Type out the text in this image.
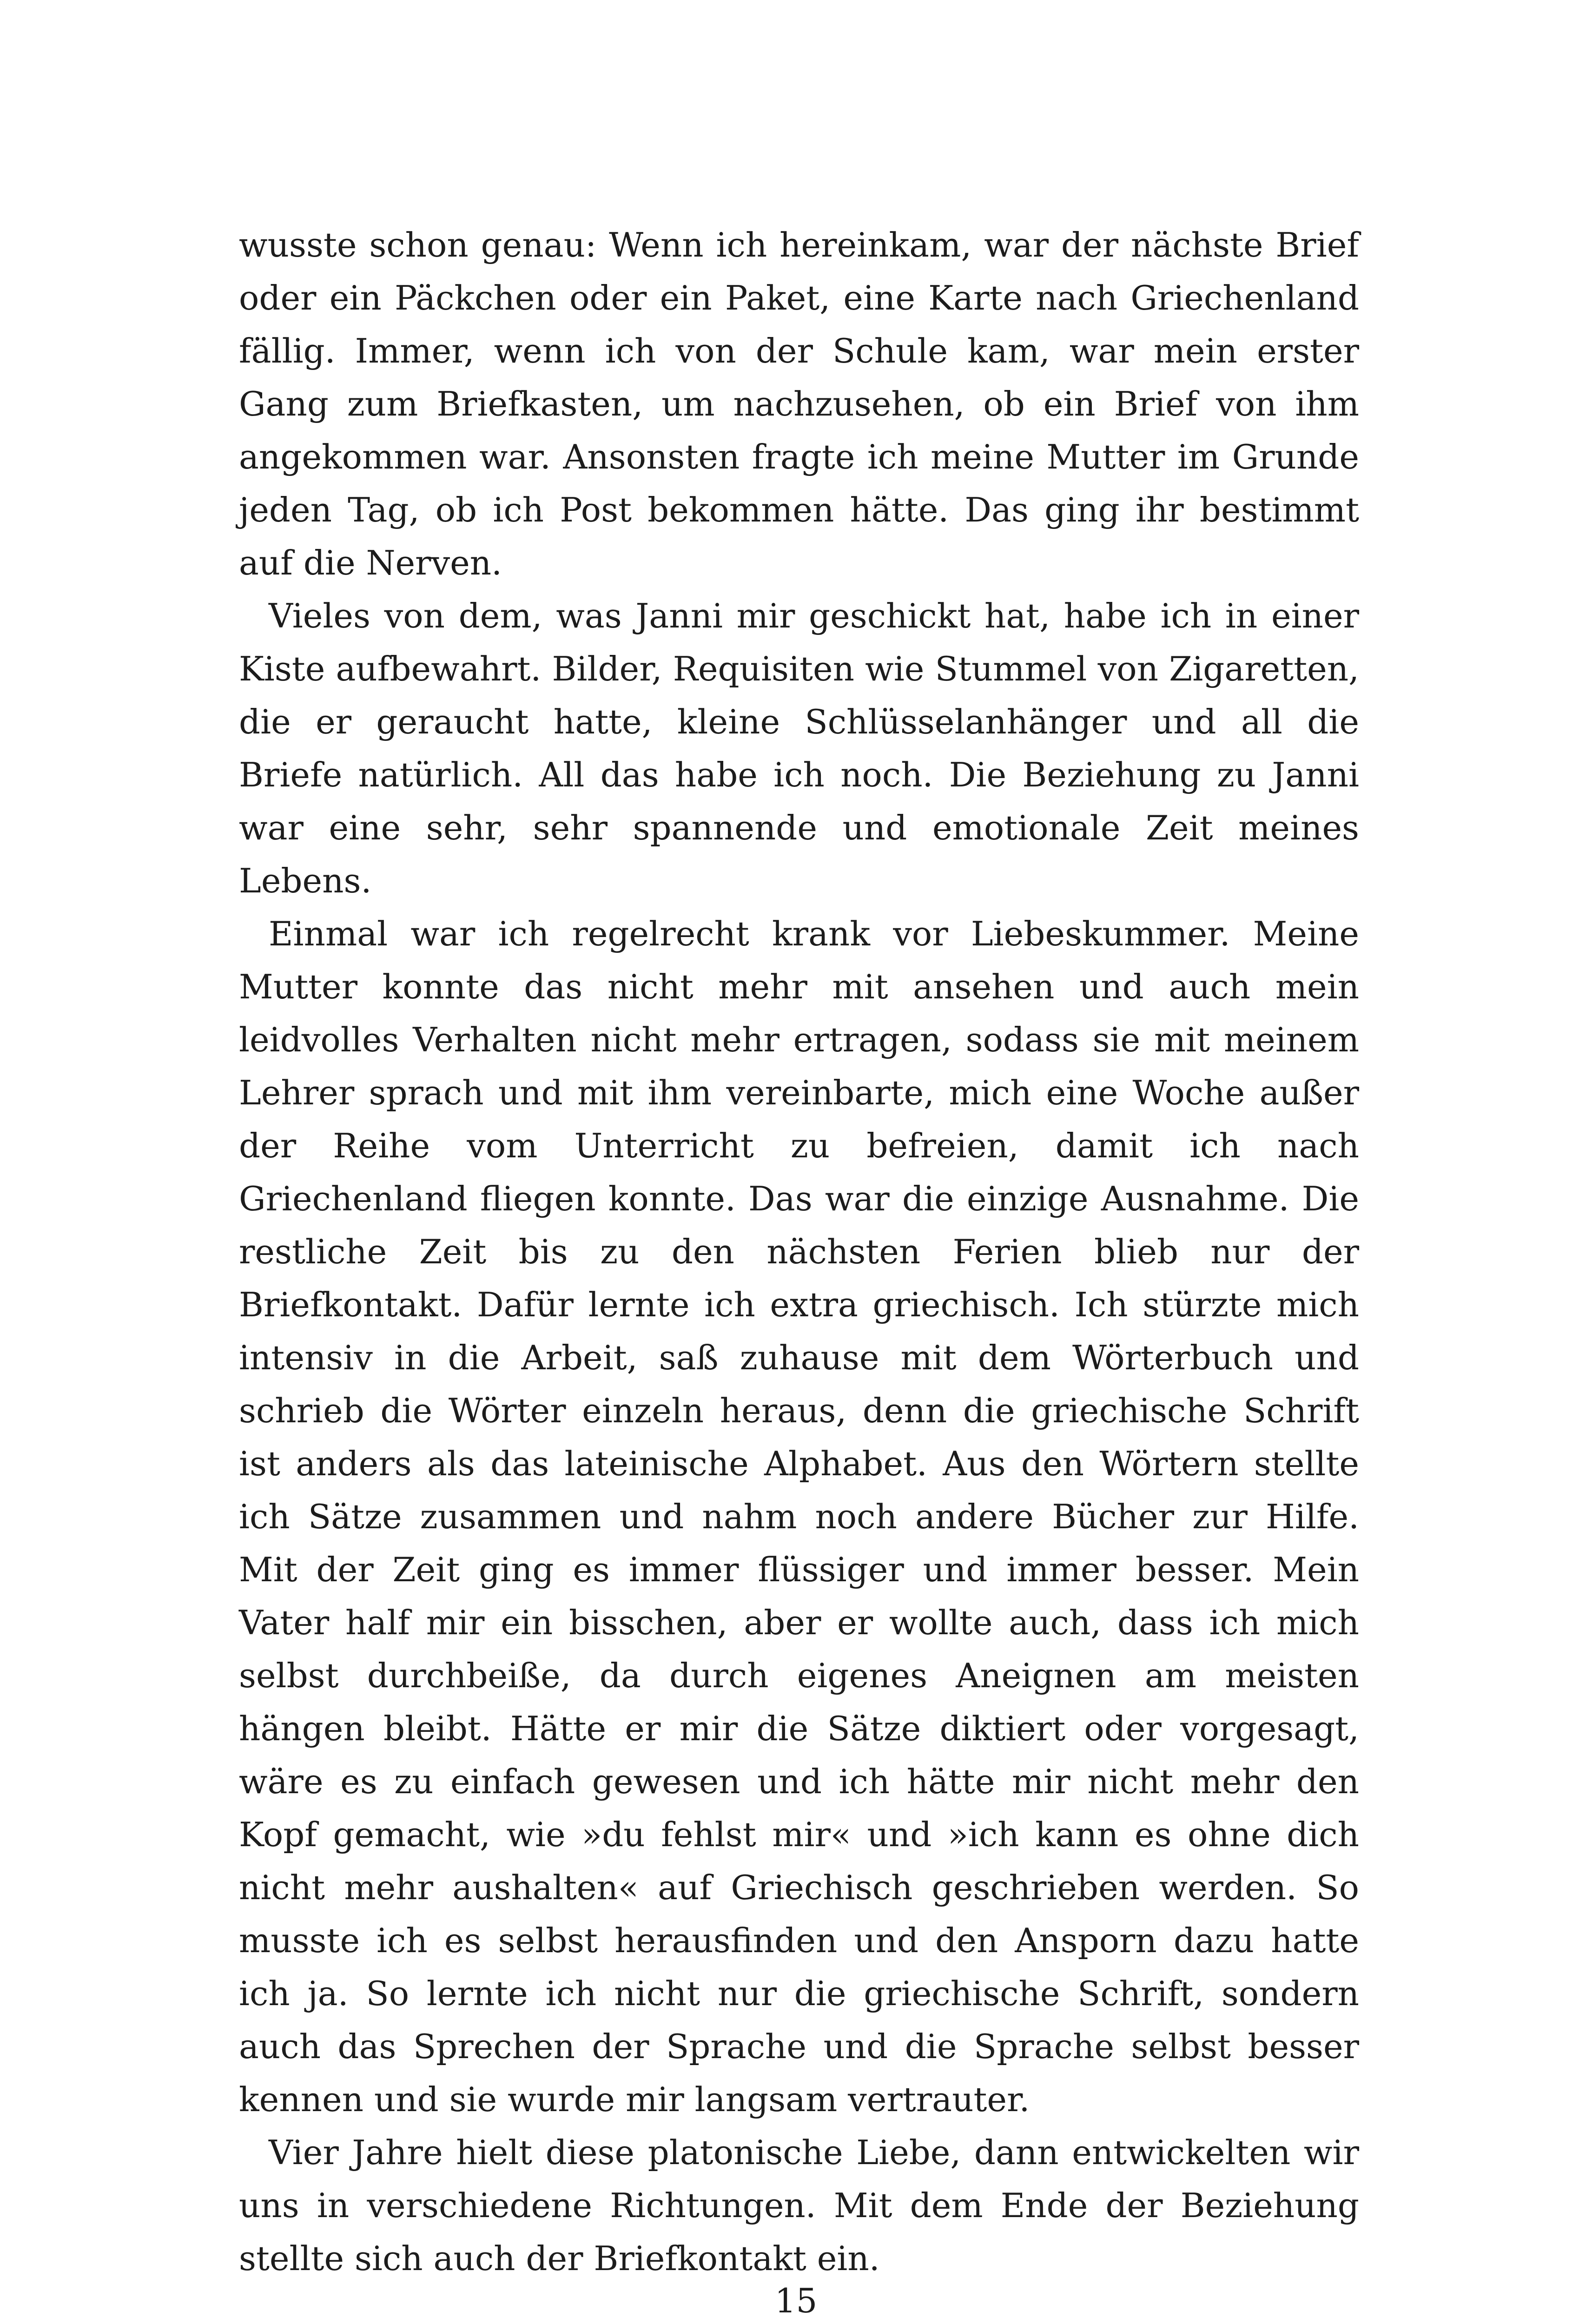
wusste schon genau: Wenn ich hereinkam, war der nächste Brief oder ein Päckchen oder ein Paket, eine Karte nach Griechenland fällig. Immer, wenn ich von der Schule kam, war mein erster Gang zum Briefkasten, um nachzusehen, ob ein Brief von ihm angekommen war. Ansonsten fragte ich meine Mutter im Grunde jeden Tag, ob ich Post bekommen hätte. Das ging ihr bestimmt auf die Nerven.

Vieles von dem, was Janni mir geschickt hat, habe ich in einer Kiste aufbewahrt. Bilder, Requisiten wie Stummel von Zigaretten, die er geraucht hatte, kleine Schlüsselanhänger und all die Briefe natürlich. All das habe ich noch. Die Beziehung zu Janni war eine sehr, sehr spannende und emotionale Zeit meines Lebens.

Einmal war ich regelrecht krank vor Liebeskummer. Meine Mutter konnte das nicht mehr mit ansehen und auch mein leidvolles Verhalten nicht mehr ertragen, sodass sie mit meinem Lehrer sprach und mit ihm vereinbarte, mich eine Woche außer der Reihe vom Unterricht zu befreien, damit ich nach Griechenland fliegen konnte. Das war die einzige Ausnahme. Die restliche Zeit bis zu den nächsten Ferien blieb nur der Briefkontakt. Dafür lernte ich extra griechisch. Ich stürzte mich intensiv in die Arbeit, saß zuhause mit dem Wörterbuch und schrieb die Wörter einzeln heraus, denn die griechische Schrift ist anders als das lateinische Alphabet. Aus den Wörtern stellte ich Sätze zusammen und nahm noch andere Bücher zur Hilfe. Mit der Zeit ging es immer flüssiger und immer besser. Mein Vater half mir ein bisschen, aber er wollte auch, dass ich mich selbst durchbeiße, da durch eigenes Aneignen am meisten hängen bleibt. Hätte er mir die Sätze diktiert oder vorgesagt, wäre es zu einfach gewesen und ich hätte mir nicht mehr den Kopf gemacht, wie »du fehlst mir« und »ich kann es ohne dich nicht mehr aushalten« auf Griechisch geschrieben werden. So musste ich es selbst herausfinden und den Ansporn dazu hatte ich ja. So lernte ich nicht nur die griechische Schrift, sondern auch das Sprechen der Sprache und die Sprache selbst besser kennen und sie wurde mir langsam vertrauter.

Vier Jahre hielt diese platonische Liebe, dann entwickelten wir uns in verschiedene Richtungen. Mit dem Ende der Beziehung stellte sich auch der Briefkontakt ein.

15
